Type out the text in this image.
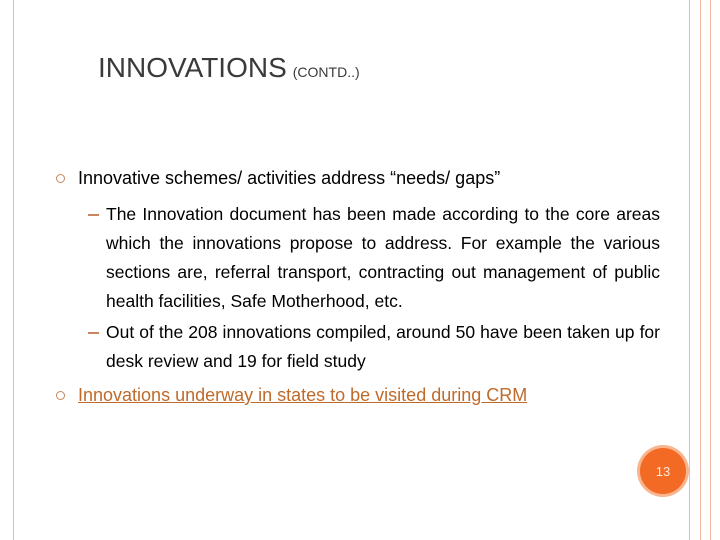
INNOVATIONS (CONTD..)
Innovative schemes/ activities address “needs/ gaps”
The Innovation document has been made according to the core areas which the innovations propose to address. For example the various sections are, referral transport, contracting out management of public health facilities, Safe Motherhood, etc.
Out of the 208 innovations compiled, around 50 have been taken up for desk review and 19 for field study
Innovations underway in states to be visited during CRM
13
